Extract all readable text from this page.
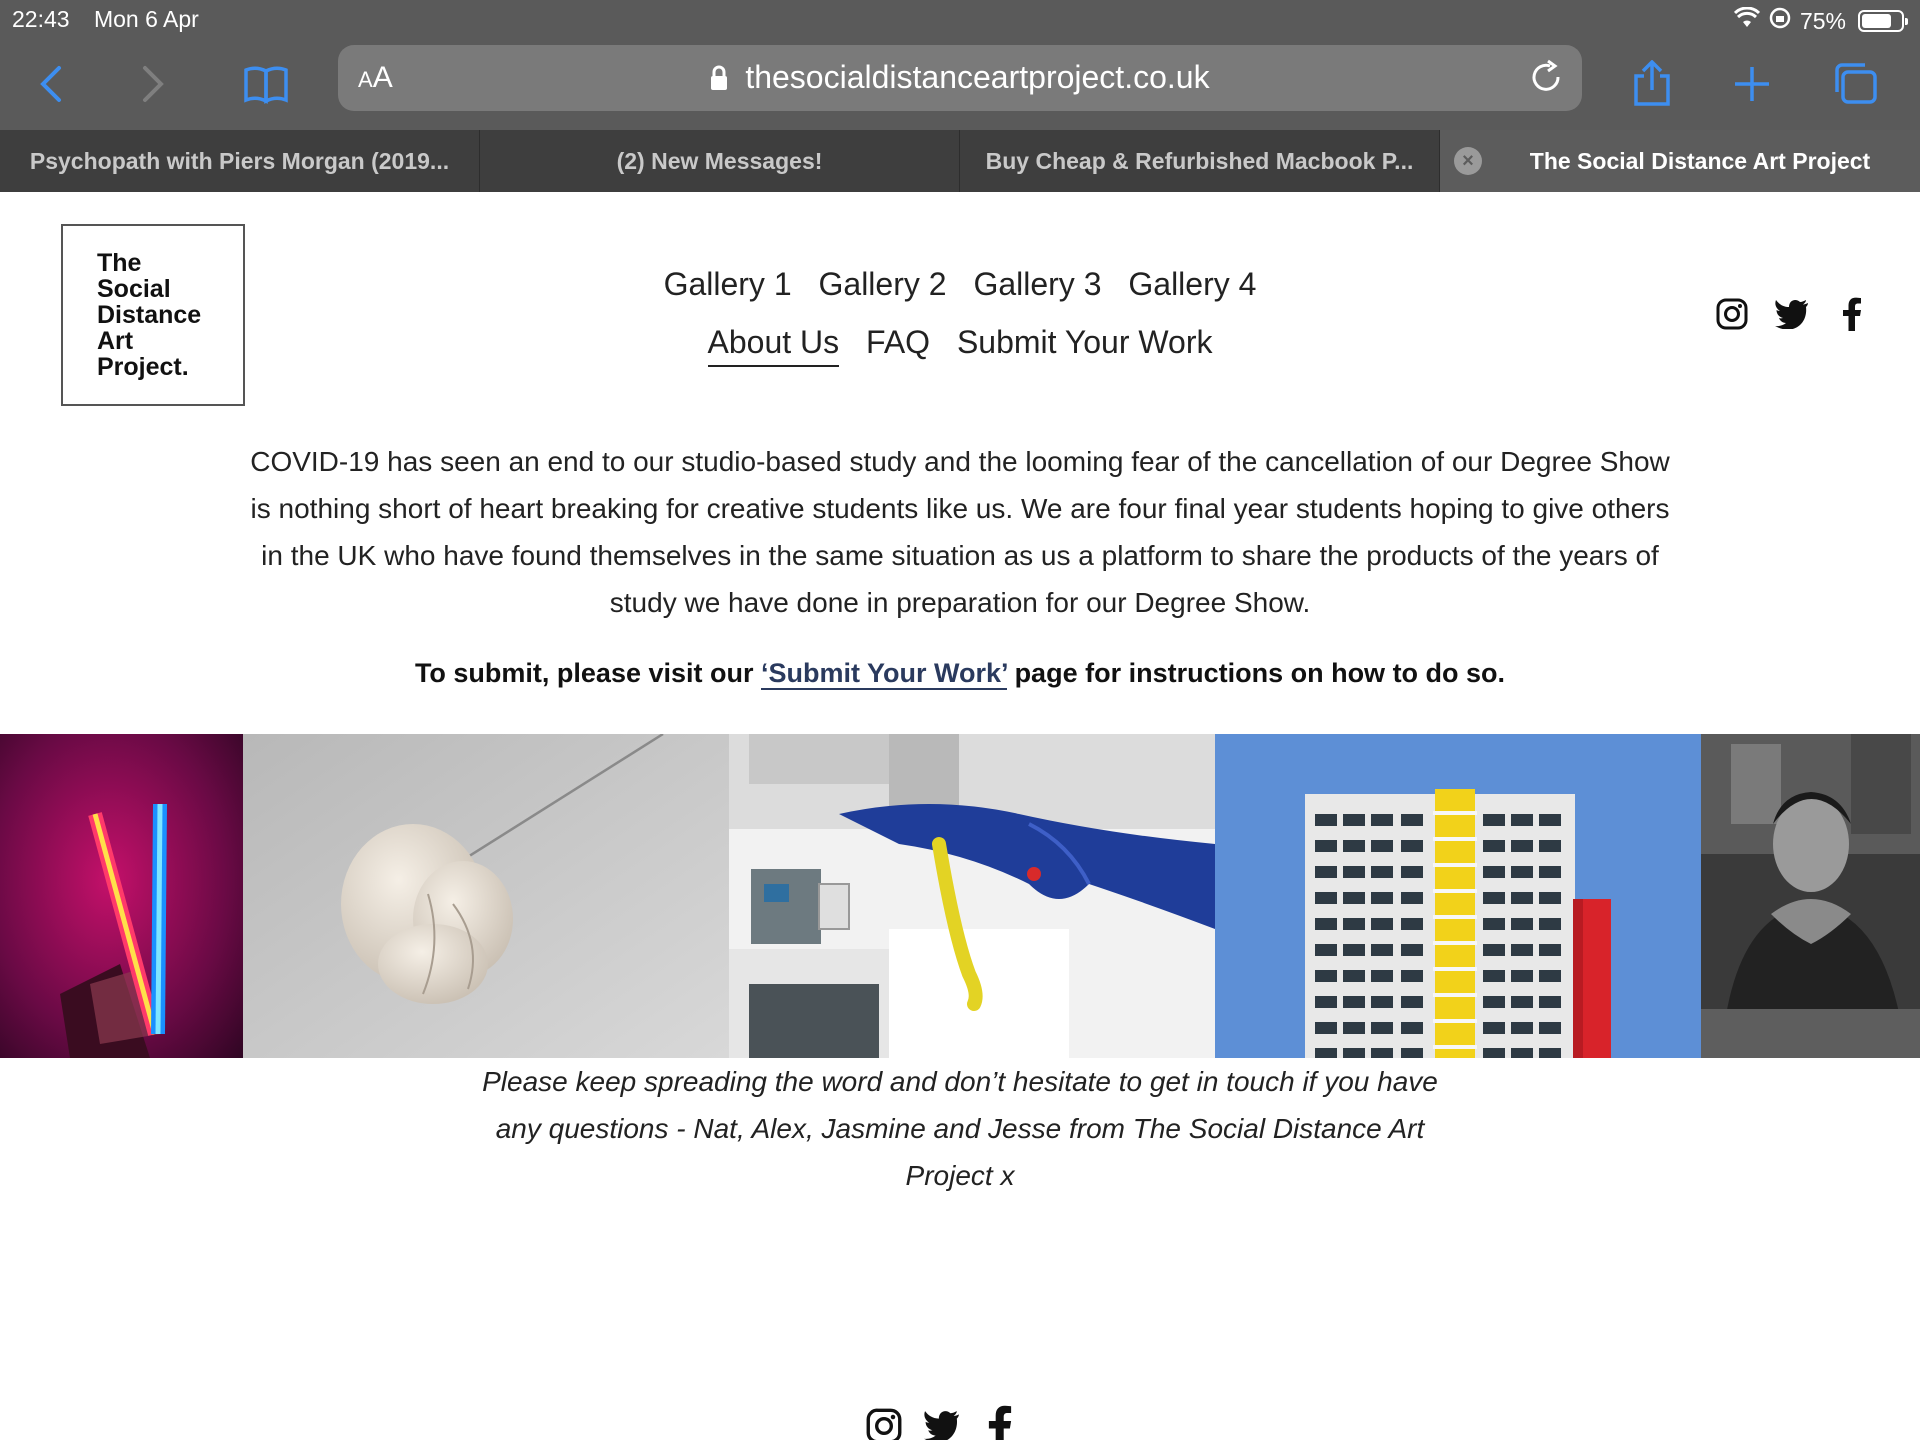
22:43 Mon 6 Apr	75%
AA	thesocialdistanceartproject.co.uk
Psychopath with Piers Morgan (2019...	(2) New Messages!	Buy Cheap & Refurbished Macbook P...	×	The Social Distance Art Project
The
Social
Distance
Art
Project.
Gallery 1 Gallery 2 Gallery 3 Gallery 4
About Us FAQ Submit Your Work

COVID-19 has seen an end to our studio-based study and the looming fear of the cancellation of our Degree Show is nothing short of heart breaking for creative students like us. We are four final year students hoping to give others in the UK who have found themselves in the same situation as us a platform to share the products of the years of study we have done in preparation for our Degree Show.

To submit, please visit our ‘Submit Your Work’ page for instructions on how to do so.

Please keep spreading the word and don’t hesitate to get in touch if you have any questions - Nat, Alex, Jasmine and Jesse from The Social Distance Art Project x
